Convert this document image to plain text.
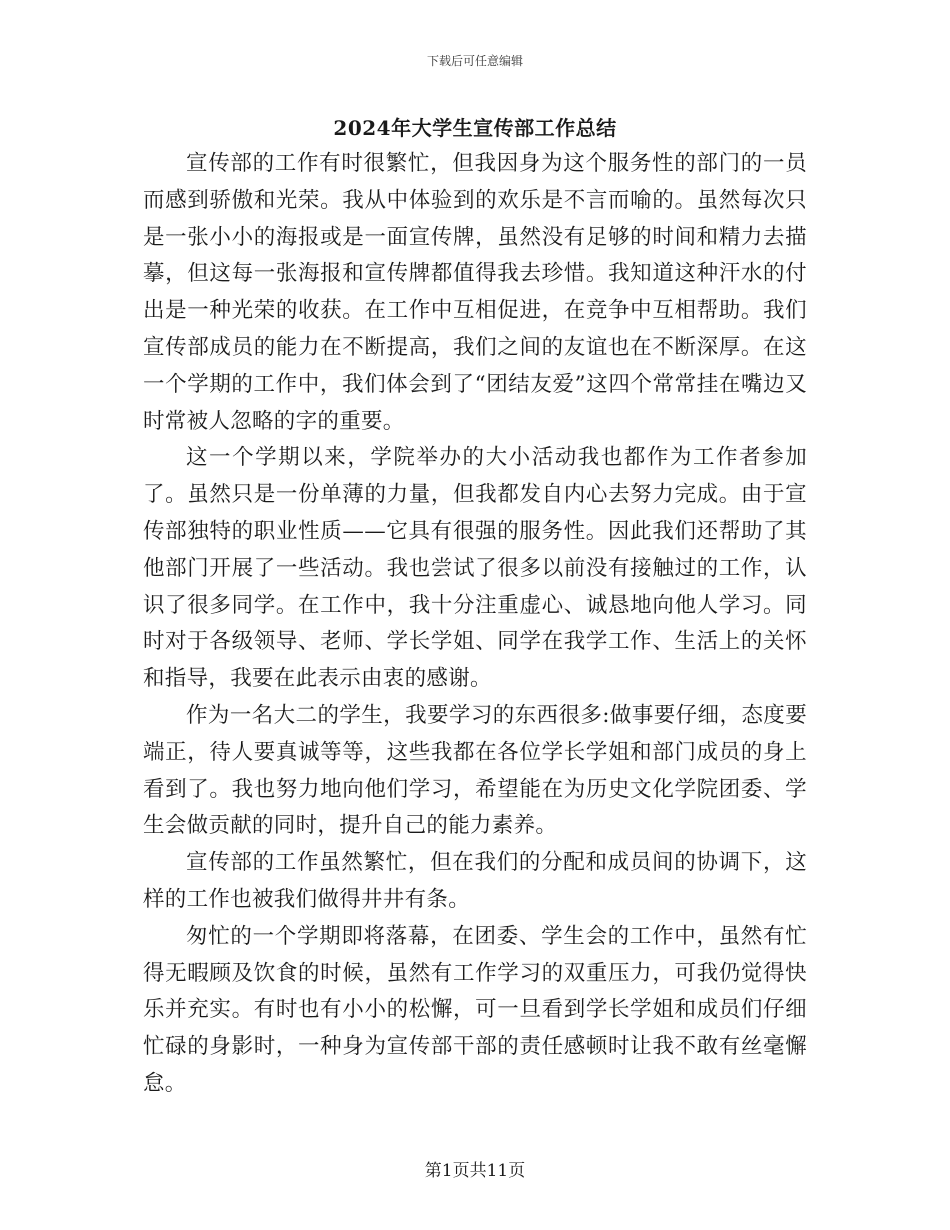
下载后可任意编辑
2024年大学生宣传部工作总结

宣传部的工作有时很繁忙，但我因身为这个服务性的部门的一员而感到骄傲和光荣。我从中体验到的欢乐是不言而喻的。虽然每次只是一张小小的海报或是一面宣传牌，虽然没有足够的时间和精力去描摹，但这每一张海报和宣传牌都值得我去珍惜。我知道这种汗水的付出是一种光荣的收获。在工作中互相促进，在竞争中互相帮助。我们宣传部成员的能力在不断提高，我们之间的友谊也在不断深厚。在这一个学期的工作中，我们体会到了“团结友爱”这四个常常挂在嘴边又时常被人忽略的字的重要。

这一个学期以来，学院举办的大小活动我也都作为工作者参加了。虽然只是一份单薄的力量，但我都发自内心去努力完成。由于宣传部独特的职业性质——它具有很强的服务性。因此我们还帮助了其他部门开展了一些活动。我也尝试了很多以前没有接触过的工作，认识了很多同学。在工作中，我十分注重虚心、诚恳地向他人学习。同时对于各级领导、老师、学长学姐、同学在我学工作、生活上的关怀和指导，我要在此表示由衷的感谢。

作为一名大二的学生，我要学习的东西很多:做事要仔细，态度要端正，待人要真诚等等，这些我都在各位学长学姐和部门成员的身上看到了。我也努力地向他们学习，希望能在为历史文化学院团委、学生会做贡献的同时，提升自己的能力素养。

宣传部的工作虽然繁忙，但在我们的分配和成员间的协调下，这样的工作也被我们做得井井有条。

匆忙的一个学期即将落幕，在团委、学生会的工作中，虽然有忙得无暇顾及饮食的时候，虽然有工作学习的双重压力，可我仍觉得快乐并充实。有时也有小小的松懈，可一旦看到学长学姐和成员们仔细忙碌的身影时，一种身为宣传部干部的责任感顿时让我不敢有丝毫懈怠。

第1页共11页
